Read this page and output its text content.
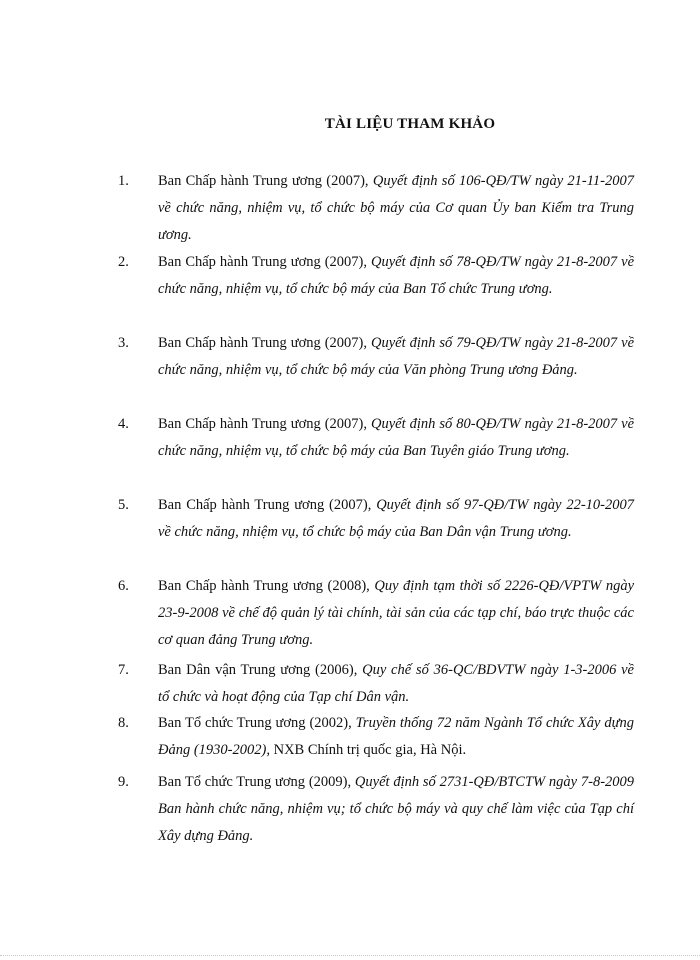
TÀI LIỆU THAM KHẢO
1. Ban Chấp hành Trung ương (2007), Quyết định số 106-QĐ/TW ngày 21-11-2007 về chức năng, nhiệm vụ, tổ chức bộ máy của Cơ quan Ủy ban Kiểm tra Trung ương.
2. Ban Chấp hành Trung ương (2007), Quyết định số 78-QĐ/TW ngày 21-8-2007 về chức năng, nhiệm vụ, tổ chức bộ máy của Ban Tổ chức Trung ương.
3. Ban Chấp hành Trung ương (2007), Quyết định số 79-QĐ/TW ngày 21-8-2007 về chức năng, nhiệm vụ, tổ chức bộ máy của Văn phòng Trung ương Đảng.
4. Ban Chấp hành Trung ương (2007), Quyết định số 80-QĐ/TW ngày 21-8-2007 về chức năng, nhiệm vụ, tổ chức bộ máy của Ban Tuyên giáo Trung ương.
5. Ban Chấp hành Trung ương (2007), Quyết định số 97-QĐ/TW ngày 22-10-2007 về chức năng, nhiệm vụ, tổ chức bộ máy của Ban Dân vận Trung ương.
6. Ban Chấp hành Trung ương (2008), Quy định tạm thời số 2226-QĐ/VPTW ngày 23-9-2008 về chế độ quản lý tài chính, tài sản của các tạp chí, báo trực thuộc các cơ quan đảng Trung ương.
7. Ban Dân vận Trung ương (2006), Quy chế số 36-QC/BDVTW ngày 1-3-2006 về tổ chức và hoạt động của Tạp chí Dân vận.
8. Ban Tổ chức Trung ương (2002), Truyền thống 72 năm Ngành Tổ chức Xây dựng Đảng (1930-2002), NXB Chính trị quốc gia, Hà Nội.
9. Ban Tổ chức Trung ương (2009), Quyết định số 2731-QĐ/BTCTW ngày 7-8-2009 Ban hành chức năng, nhiệm vụ; tổ chức bộ máy và quy chế làm việc của Tạp chí Xây dựng Đảng.
